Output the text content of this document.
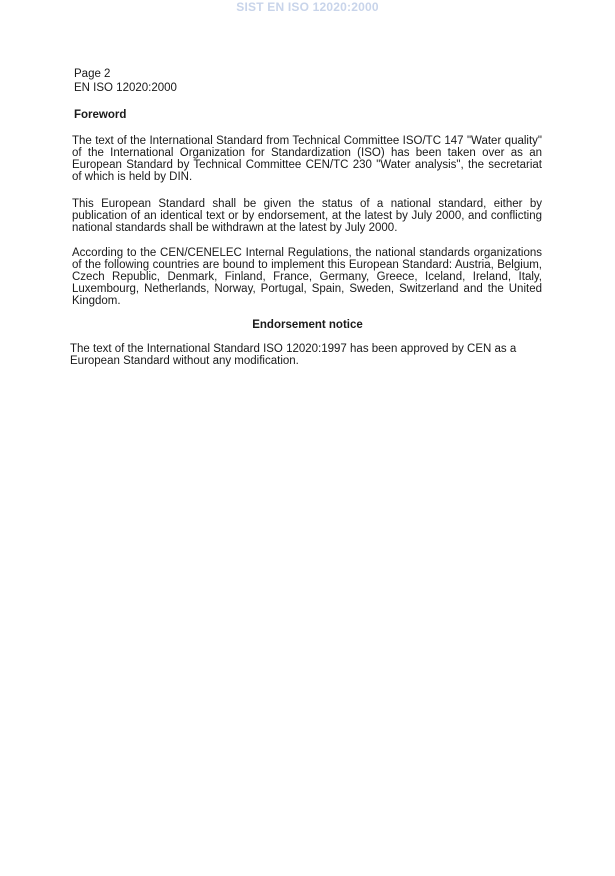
SIST EN ISO 12020:2000
Page 2
EN ISO 12020:2000
Foreword
The text of the International Standard from Technical Committee ISO/TC 147 "Water quality" of the International Organization for Standardization (ISO) has been taken over as an European Standard by Technical Committee CEN/TC 230 "Water analysis", the secretariat of which is held by DIN.
This European Standard shall be given the status of a national standard, either by publication of an identical text or by endorsement, at the latest by July 2000, and conflicting national standards shall be withdrawn at the latest by July 2000.
According to the CEN/CENELEC Internal Regulations, the national standards organizations of the following countries are bound to implement this European Standard: Austria, Belgium, Czech Republic, Denmark, Finland, France, Germany, Greece, Iceland, Ireland, Italy, Luxembourg, Netherlands, Norway, Portugal, Spain, Sweden, Switzerland and the United Kingdom.
Endorsement notice
The text of the International Standard ISO 12020:1997 has been approved by CEN as a European Standard without any modification.
